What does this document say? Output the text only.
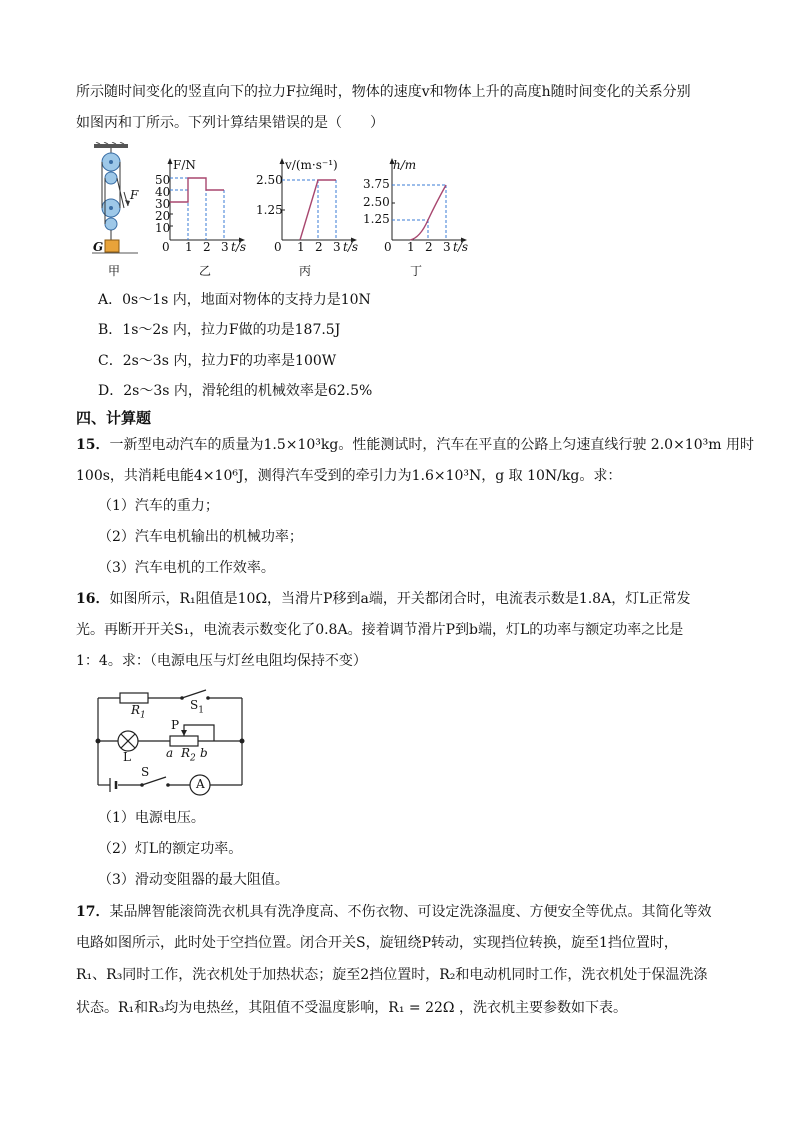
所示随时间变化的竖直向下的拉力F拉绳时，物体的速度v和物体上升的高度h随时间变化的关系分别
如图丙和丁所示。下列计算结果错误的是（　　）
F
G
甲
F/N
50
40
30
20
10
0 1 2 3 t/s
乙
v/(m·s⁻¹)
2.50
1.25
0 1 2 3 t/s
丙
h/m
3.75
2.50
1.25
0 1 2 3 t/s
丁
A．0s～1s 内，地面对物体的支持力是10N
B．1s～2s 内，拉力F做的功是187.5J
C．2s～3s 内，拉力F的功率是100W
D．2s～3s 内，滑轮组的机械效率是62.5%
四、计算题
15．一新型电动汽车的质量为1.5×10³kg。性能测试时，汽车在平直的公路上匀速直线行驶 2.0×10³m 用时
100s，共消耗电能4×10⁶J，测得汽车受到的牵引力为1.6×10³N，g 取 10N/kg。求：
（1）汽车的重力；
（2）汽车电机输出的机械功率；
（3）汽车电机的工作效率。
16．如图所示，R₁阻值是10Ω，当滑片P移到a端，开关都闭合时，电流表示数是1.8A，灯L正常发
光。再断开开关S₁，电流表示数变化了0.8A。接着调节滑片P到b端，灯L的功率与额定功率之比是
1：4。求：（电源电压与灯丝电阻均保持不变）
$R_1$
$S_1$
P
a $R_2$ b
L
S
A
（1）电源电压。
（2）灯L的额定功率。
（3）滑动变阻器的最大阻值。
17．某品牌智能滚筒洗衣机具有洗净度高、不伤衣物、可设定洗涤温度、方便安全等优点。其简化等效
电路如图所示，此时处于空挡位置。闭合开关S，旋钮绕P转动，实现挡位转换，旋至1挡位置时，
R₁、R₃同时工作，洗衣机处于加热状态；旋至2挡位置时，R₂和电动机同时工作，洗衣机处于保温洗涤
状态。R₁和R₃均为电热丝，其阻值不受温度影响，R₁ = 22Ω ，洗衣机主要参数如下表。
